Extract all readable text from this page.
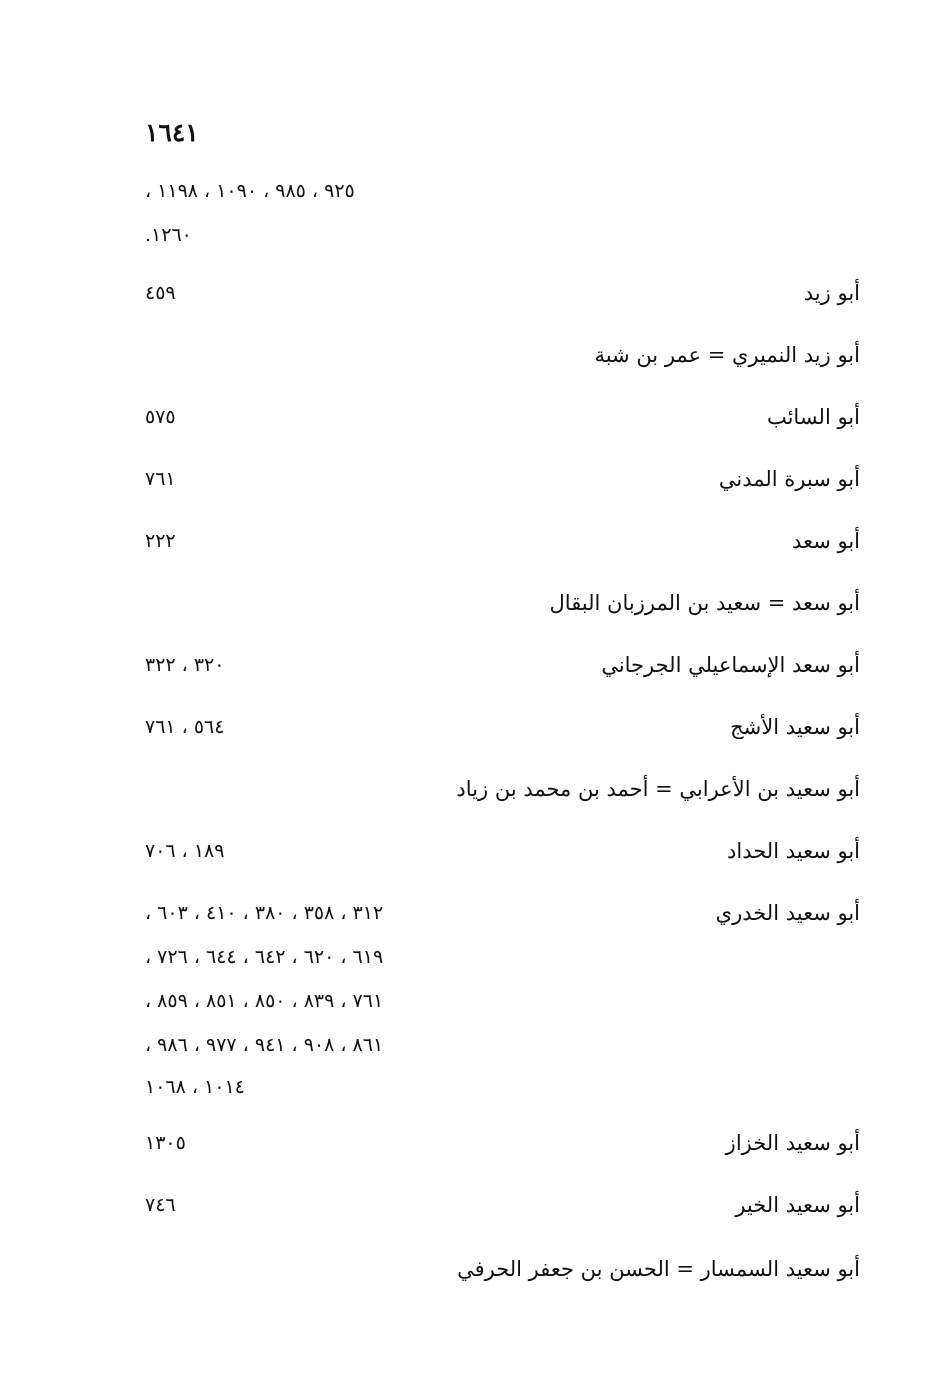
١٦٤١
٩٢٥ ، ٩٨٥ ، ١٠٩٠ ، ١١٩٨ ،
١٢٦٠.
أبو زيد
٤٥٩
أبو زيد النميري = عمر بن شبة
أبو السائب
٥٧٥
أبو سبرة المدني
٧٦١
أبو سعد
٢٢٢
أبو سعد = سعيد بن المرزبان البقال
أبو سعد الإسماعيلي الجرجاني
٣٢٠ ، ٣٢٢
أبو سعيد الأشج
٥٦٤ ، ٧٦١
أبو سعيد بن الأعرابي = أحمد بن محمد بن زياد
أبو سعيد الحداد
١٨٩ ، ٧٠٦
أبو سعيد الخدري
٣١٢ ، ٣٥٨ ، ٣٨٠ ، ٤١٠ ، ٦٠٣ ،
٦١٩ ، ٦٢٠ ، ٦٤٢ ، ٦٤٤ ، ٧٢٦ ،
٧٦١ ، ٨٣٩ ، ٨٥٠ ، ٨٥١ ، ٨٥٩ ،
٨٦١ ، ٩٠٨ ، ٩٤١ ، ٩٧٧ ، ٩٨٦ ،
١٠١٤ ، ١٠٦٨
أبو سعيد الخزاز
١٣٠٥
أبو سعيد الخير
٧٤٦
أبو سعيد السمسار = الحسن بن جعفر الحرفي
